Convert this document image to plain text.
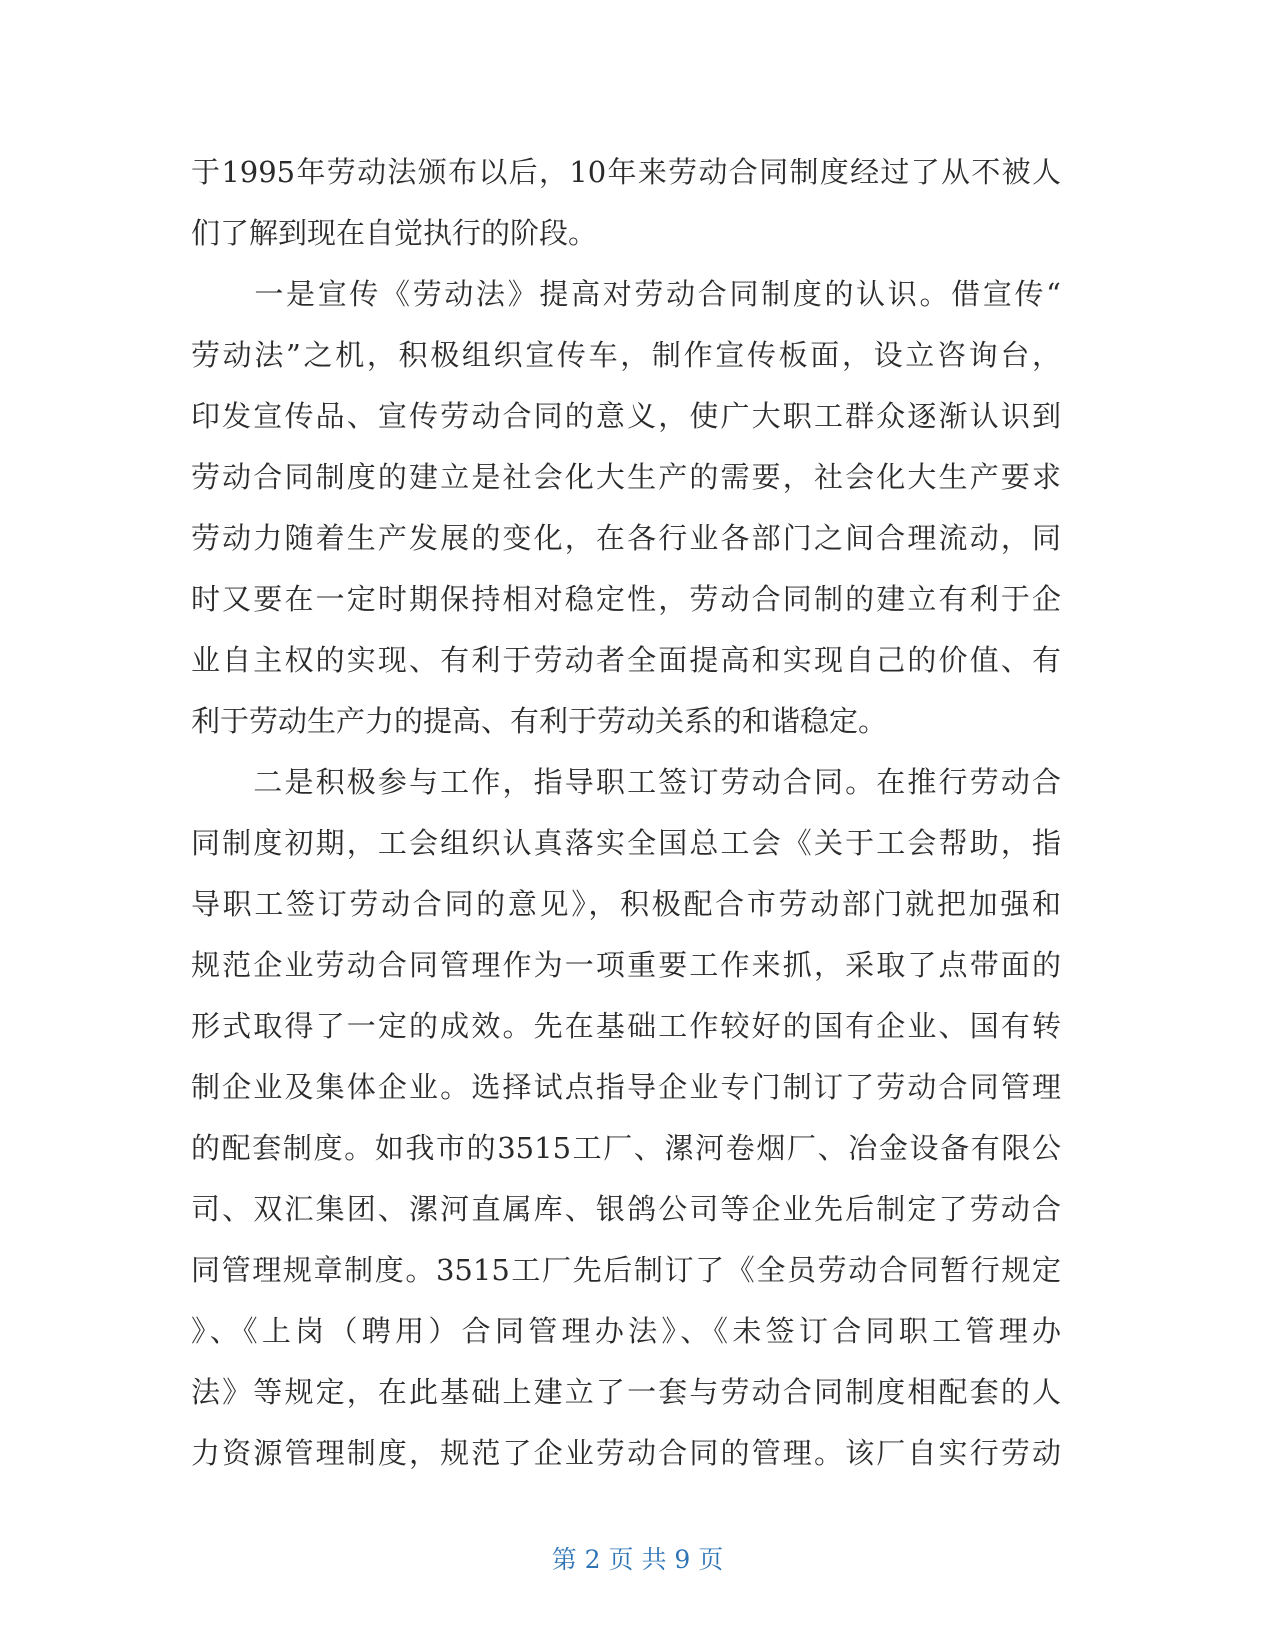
于1995年劳动法颁布以后，10年来劳动合同制度经过了从不被人
们了解到现在自觉执行的阶段。
　　一是宣传《劳动法》提高对劳动合同制度的认识。借宣传“
劳动法”之机，积极组织宣传车，制作宣传板面，设立咨询台，
印发宣传品、宣传劳动合同的意义，使广大职工群众逐渐认识到
劳动合同制度的建立是社会化大生产的需要，社会化大生产要求
劳动力随着生产发展的变化，在各行业各部门之间合理流动，同
时又要在一定时期保持相对稳定性，劳动合同制的建立有利于企
业自主权的实现、有利于劳动者全面提高和实现自己的价值、有
利于劳动生产力的提高、有利于劳动关系的和谐稳定。
　　二是积极参与工作，指导职工签订劳动合同。在推行劳动合
同制度初期，工会组织认真落实全国总工会《关于工会帮助，指
导职工签订劳动合同的意见》，积极配合市劳动部门就把加强和
规范企业劳动合同管理作为一项重要工作来抓，采取了点带面的
形式取得了一定的成效。先在基础工作较好的国有企业、国有转
制企业及集体企业。选择试点指导企业专门制订了劳动合同管理
的配套制度。如我市的3515工厂、漯河卷烟厂、冶金设备有限公
司、双汇集团、漯河直属库、银鸽公司等企业先后制定了劳动合
同管理规章制度。3515工厂先后制订了《全员劳动合同暂行规定
》、《上岗（聘用）合同管理办法》、《未签订合同职工管理办
法》等规定，在此基础上建立了一套与劳动合同制度相配套的人
力资源管理制度，规范了企业劳动合同的管理。该厂自实行劳动
第 2 页 共 9 页
